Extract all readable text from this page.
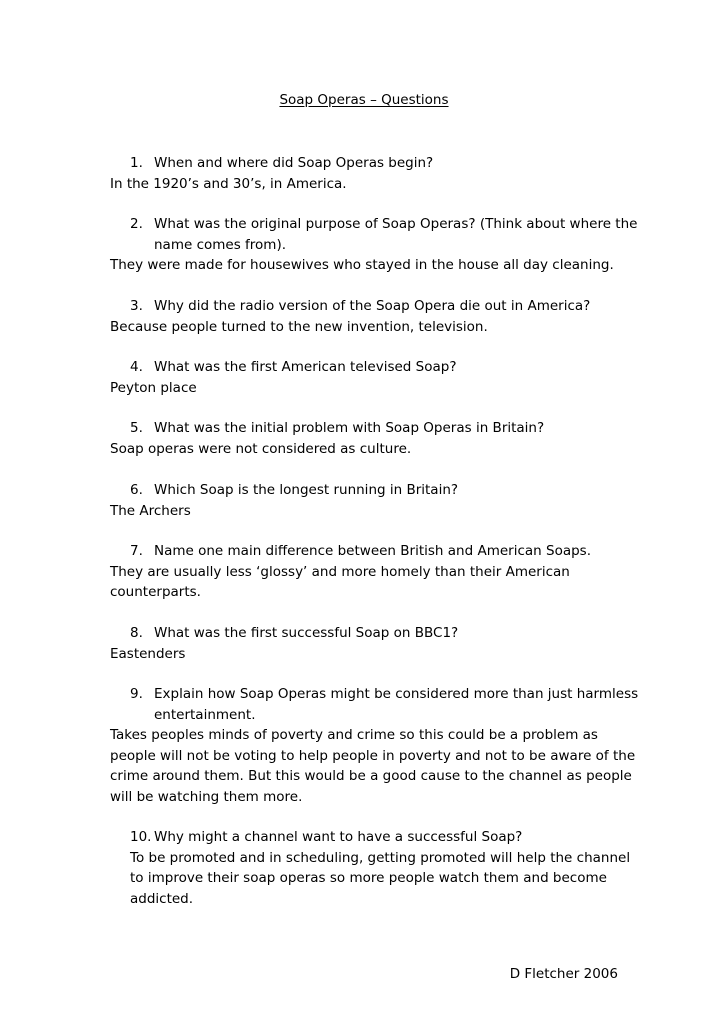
Soap Operas – Questions

1. When and where did Soap Operas begin?

In the 1920’s and 30’s, in America.

2. What was the original purpose of Soap Operas? (Think about where the name comes from).

They were made for housewives who stayed in the house all day cleaning.

3. Why did the radio version of the Soap Opera die out in America?

Because people turned to the new invention, television.

4. What was the first American televised Soap?

Peyton place

5. What was the initial problem with Soap Operas in Britain?

Soap operas were not considered as culture.

6. Which Soap is the longest running in Britain?

The Archers

7. Name one main difference between British and American Soaps.

They are usually less ‘glossy’ and more homely than their American counterparts.

8. What was the first successful Soap on BBC1?

Eastenders

9. Explain how Soap Operas might be considered more than just harmless entertainment.

Takes peoples minds of poverty and crime so this could be a problem as people will not be voting to help people in poverty and not to be aware of the crime around them. But this would be a good cause to the channel as people will be watching them more.

10. Why might a channel want to have a successful Soap?

To be promoted and in scheduling, getting promoted will help the channel to improve their soap operas so more people watch them and become addicted.

D Fletcher 2006
